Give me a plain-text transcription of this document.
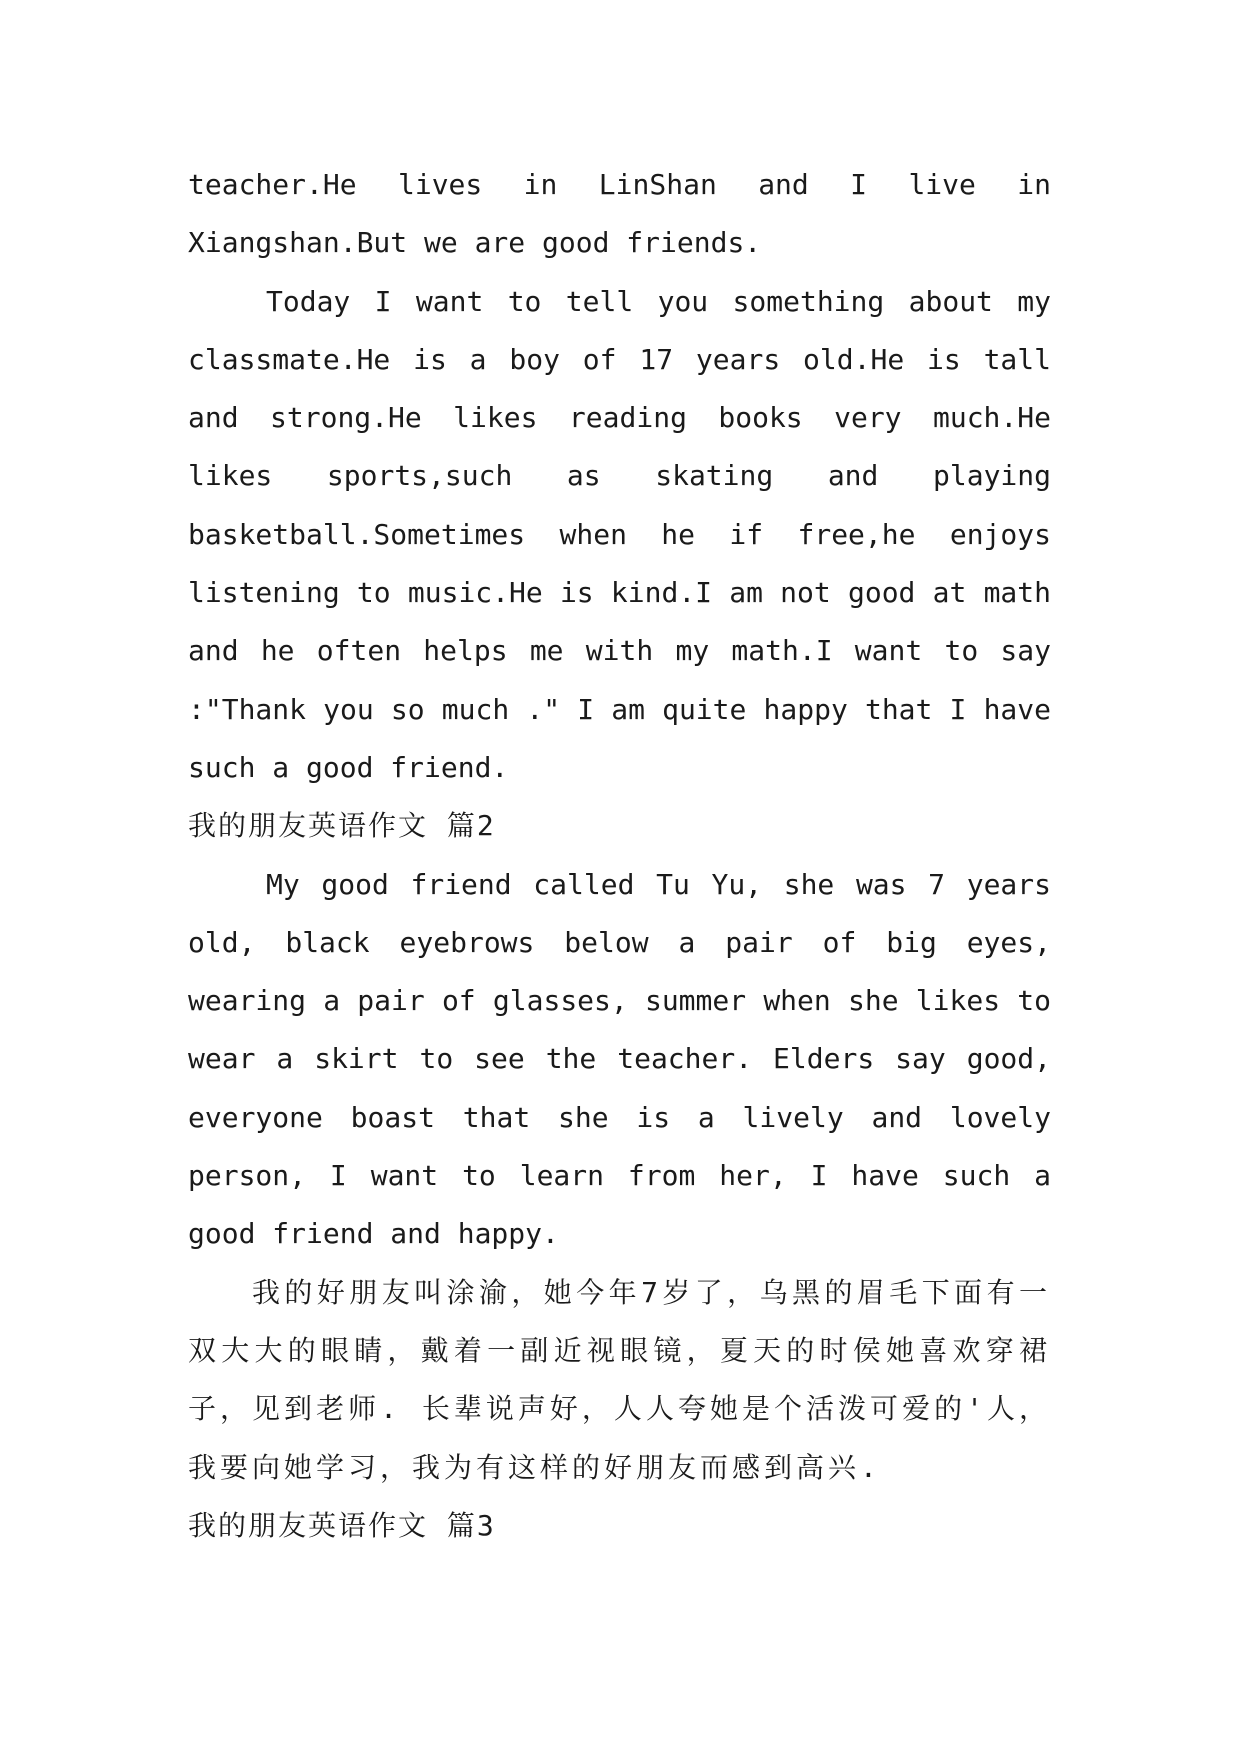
teacher.He lives in LinShan and I live in Xiangshan.But we are good friends.

Today I want to tell you something about my classmate.He is a boy of 17 years old.He is tall and strong.He likes reading books very much.He likes sports,such as skating and playing basketball.Sometimes when he if free,he enjoys listening to music.He is kind.I am not good at math and he often helps me with my math.I want to say :"Thank you so much ." I am quite happy that I have such a good friend.

我的朋友英语作文 篇2

My good friend called Tu Yu, she was 7 years old, black eyebrows below a pair of big eyes, wearing a pair of glasses, summer when she likes to wear a skirt to see the teacher. Elders say good, everyone boast that she is a lively and lovely person, I want to learn from her, I have such a good friend and happy.

我的好朋友叫涂渝，她今年7岁了，乌黑的眉毛下面有一双大大的眼睛，戴着一副近视眼镜，夏天的时侯她喜欢穿裙子，见到老师. 长辈说声好，人人夸她是个活泼可爱的'人，我要向她学习，我为有这样的好朋友而感到高兴.

我的朋友英语作文 篇3
